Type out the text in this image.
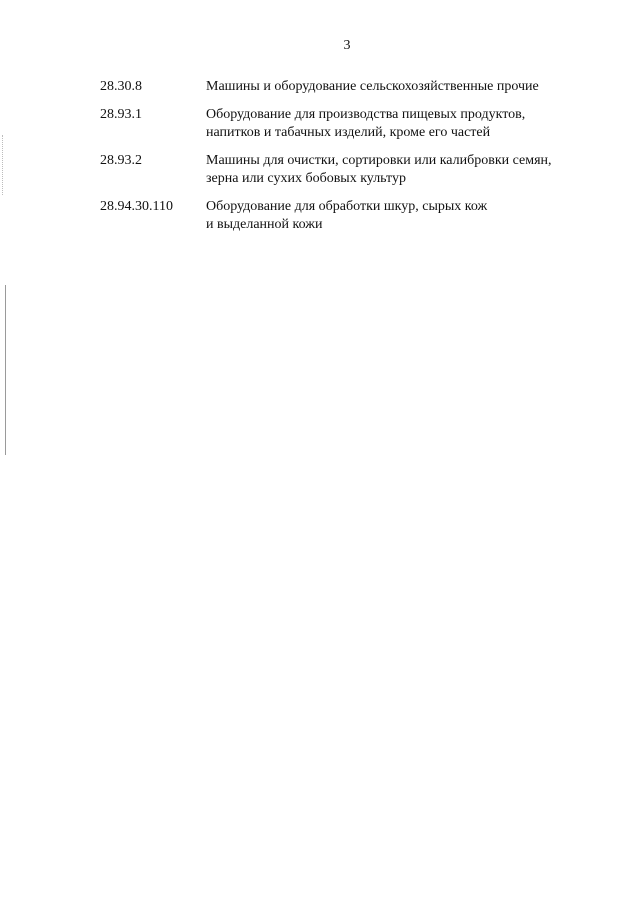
3
28.30.8	Машины и оборудование сельскохозяйственные прочие
28.93.1	Оборудование для производства пищевых продуктов,
напитков и табачных изделий, кроме его частей
28.93.2	Машины для очистки, сортировки или калибровки семян,
зерна или сухих бобовых культур
28.94.30.110	Оборудование для обработки шкур, сырых кож
и выделанной кожи
